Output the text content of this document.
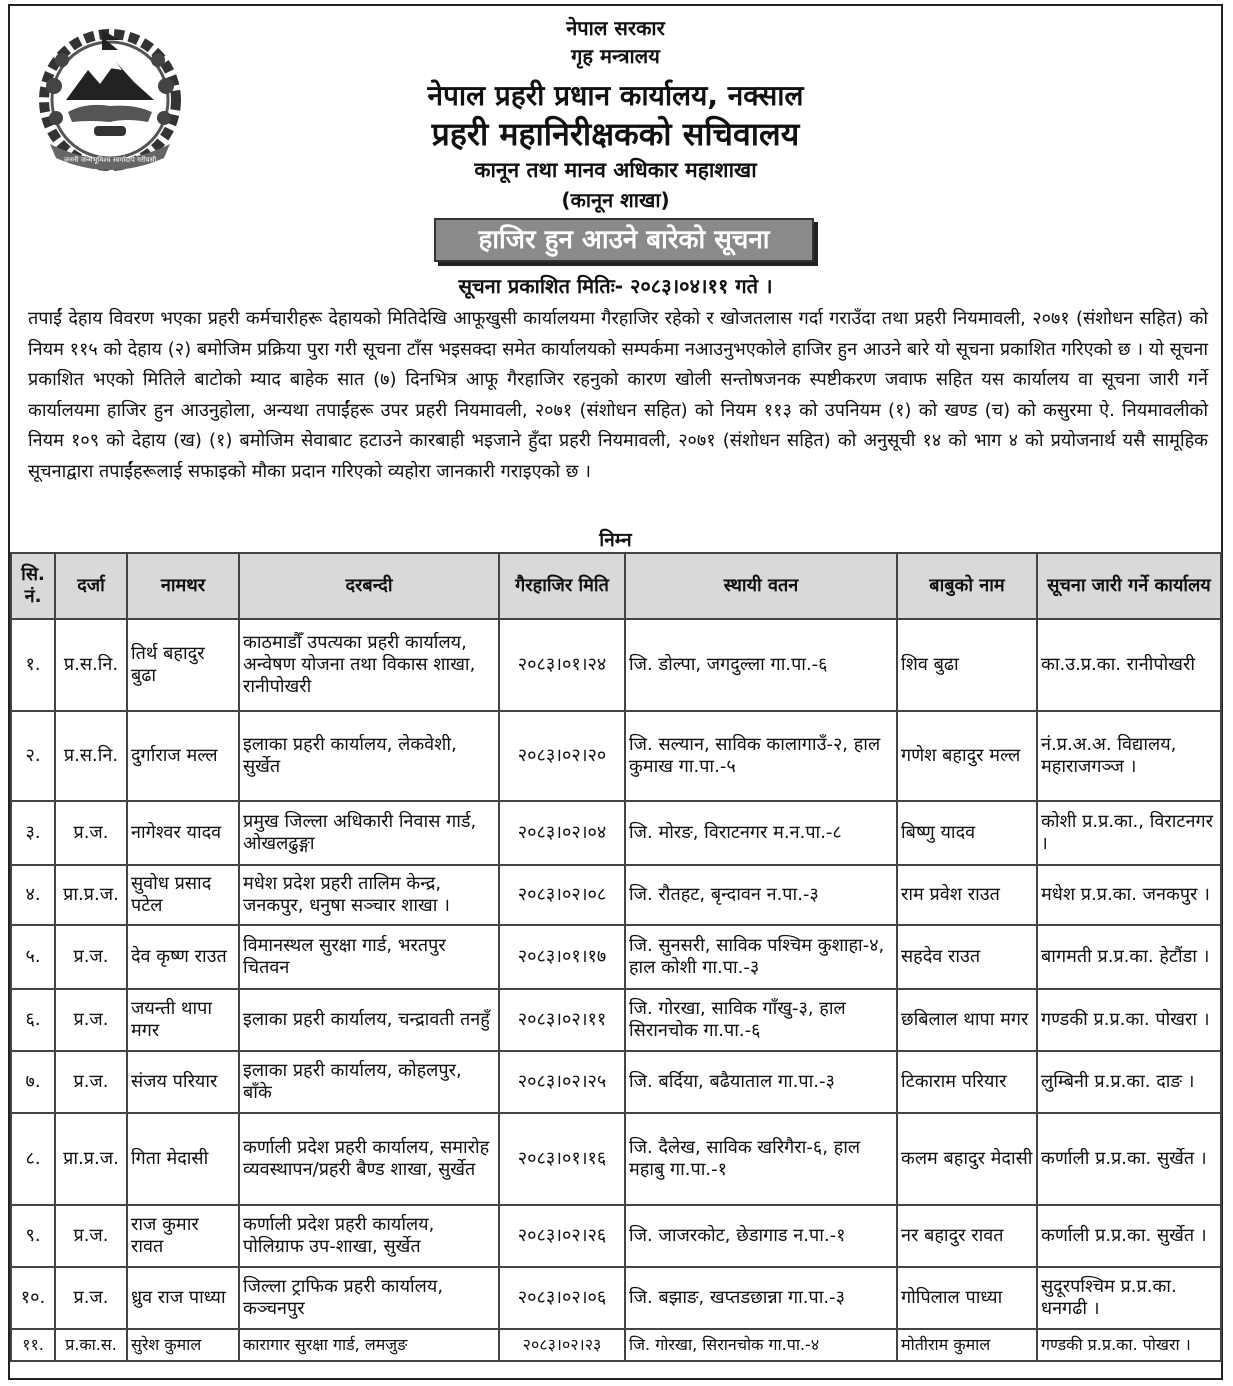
जननी जन्मभूमिश्च स्वर्गादपि गरीयसी
नेपाल सरकार
गृह मन्त्रालय
नेपाल प्रहरी प्रधान कार्यालय, नक्साल
प्रहरी महानिरीक्षकको सचिवालय
कानून तथा मानव अधिकार महाशाखा
(कानून शाखा)
हाजिर हुन आउने बारेको सूचना
सूचना प्रकाशित मितिः- २०८३।०४।११ गते ।
तपाईं देहाय विवरण भएका प्रहरी कर्मचारीहरू देहायको मितिदेखि आफूखुसी कार्यालयमा गैरहाजिर रहेको र खोजतलास गर्दा गराउँदा तथा प्रहरी नियमावली, २०७१ (संशोधन सहित) को नियम ११५ को देहाय (२) बमोजिम प्रक्रिया पुरा गरी सूचना टाँस भइसक्दा समेत कार्यालयको सम्पर्कमा नआउनुभएकोले हाजिर हुन आउने बारे यो सूचना प्रकाशित गरिएको छ । यो सूचना प्रकाशित भएको मितिले बाटोको म्याद बाहेक सात (७) दिनभित्र आफू गैरहाजिर रहनुको कारण खोली सन्तोषजनक स्पष्टीकरण जवाफ सहित यस कार्यालय वा सूचना जारी गर्ने कार्यालयमा हाजिर हुन आउनुहोला, अन्यथा तपाईंहरू उपर प्रहरी नियमावली, २०७१ (संशोधन सहित) को नियम ११३ को उपनियम (१) को खण्ड (च) को कसुरमा ऐ. नियमावलीको नियम १०९ को देहाय (ख) (१) बमोजिम सेवाबाट हटाउने कारबाही भइजाने हुँदा प्रहरी नियमावली, २०७१ (संशोधन सहित) को अनुसूची १४ को भाग ४ को प्रयोजनार्थ यसै सामूहिक सूचनाद्वारा तपाईंहरूलाई सफाइको मौका प्रदान गरिएको व्यहोरा जानकारी गराइएको छ ।
निम्न
सि. नं.	दर्जा	नामथर	दरबन्दी	गैरहाजिर मिति	स्थायी वतन	बाबुको नाम	सूचना जारी गर्ने कार्यालय
१.	प्र.स.नि.	तिर्थ बहादुर बुढा	काठमाडौँ उपत्यका प्रहरी कार्यालय, अन्वेषण योजना तथा विकास शाखा, रानीपोखरी	२०८३।०१।२४	जि. डोल्पा, जगदुल्ला गा.पा.-६	शिव बुढा	का.उ.प्र.का. रानीपोखरी
२.	प्र.स.नि.	दुर्गाराज मल्ल	इलाका प्रहरी कार्यालय, लेकवेशी, सुर्खेत	२०८३।०२।२०	जि. सल्यान, साविक कालागाउँ-२, हाल कुमाख गा.पा.-५	गणेश बहादुर मल्ल	नं.प्र.अ.अ. विद्यालय, महाराजगञ्ज ।
३.	प्र.ज.	नागेश्वर यादव	प्रमुख जिल्ला अधिकारी निवास गार्ड, ओखलढुङ्गा	२०८३।०२।०४	जि. मोरङ, विराटनगर म.न.पा.-८	बिष्णु यादव	कोशी प्र.प्र.का., विराटनगर ।
४.	प्रा.प्र.ज.	सुवोध प्रसाद पटेल	मधेश प्रदेश प्रहरी तालिम केन्द्र, जनकपुर, धनुषा सञ्चार शाखा ।	२०८३।०२।०८	जि. रौतहट, बृन्दावन न.पा.-३	राम प्रवेश राउत	मधेश प्र.प्र.का. जनकपुर ।
५.	प्र.ज.	देव कृष्ण राउत	विमानस्थल सुरक्षा गार्ड, भरतपुर चितवन	२०८३।०१।१७	जि. सुनसरी, साविक पश्चिम कुशाहा-४, हाल कोशी गा.पा.-३	सहदेव राउत	बागमती प्र.प्र.का. हेटौंडा ।
६.	प्र.ज.	जयन्ती थापा मगर	इलाका प्रहरी कार्यालय, चन्द्रावती तनहुँ	२०८३।०२।११	जि. गोरखा, साविक गाँखु-३, हाल सिरानचोक गा.पा.-६	छबिलाल थापा मगर	गण्डकी प्र.प्र.का. पोखरा ।
७.	प्र.ज.	संजय परियार	इलाका प्रहरी कार्यालय, कोहलपुर, बाँके	२०८३।०२।२५	जि. बर्दिया, बढैयाताल गा.पा.-३	टिकाराम परियार	लुम्बिनी प्र.प्र.का. दाङ ।
८.	प्रा.प्र.ज.	गिता मेदासी	कर्णाली प्रदेश प्रहरी कार्यालय, समारोह व्यवस्थापन/प्रहरी बैण्ड शाखा, सुर्खेत	२०८३।०१।१६	जि. दैलेख, साविक खरिगैरा-६, हाल महाबु गा.पा.-१	कलम बहादुर मेदासी	कर्णाली प्र.प्र.का. सुर्खेत ।
९.	प्र.ज.	राज कुमार रावत	कर्णाली प्रदेश प्रहरी कार्यालय, पोलिग्राफ उप-शाखा, सुर्खेत	२०८३।०२।२६	जि. जाजरकोट, छेडागाड न.पा.-१	नर बहादुर रावत	कर्णाली प्र.प्र.का. सुर्खेत ।
१०.	प्र.ज.	ध्रुव राज पाध्या	जिल्ला ट्राफिक प्रहरी कार्यालय, कञ्चनपुर	२०८३।०२।०६	जि. बझाङ, खप्तडछान्ना गा.पा.-३	गोपिलाल पाध्या	सुदूरपश्चिम प्र.प्र.का. धनगढी ।
११.	प्र.का.स.	सुरेश कुमाल	कारागार सुरक्षा गार्ड, लमजुङ	२०८३।०२।२३	जि. गोरखा, सिरानचोक गा.पा.-४	मोतीराम कुमाल	गण्डकी प्र.प्र.का. पोखरा ।
